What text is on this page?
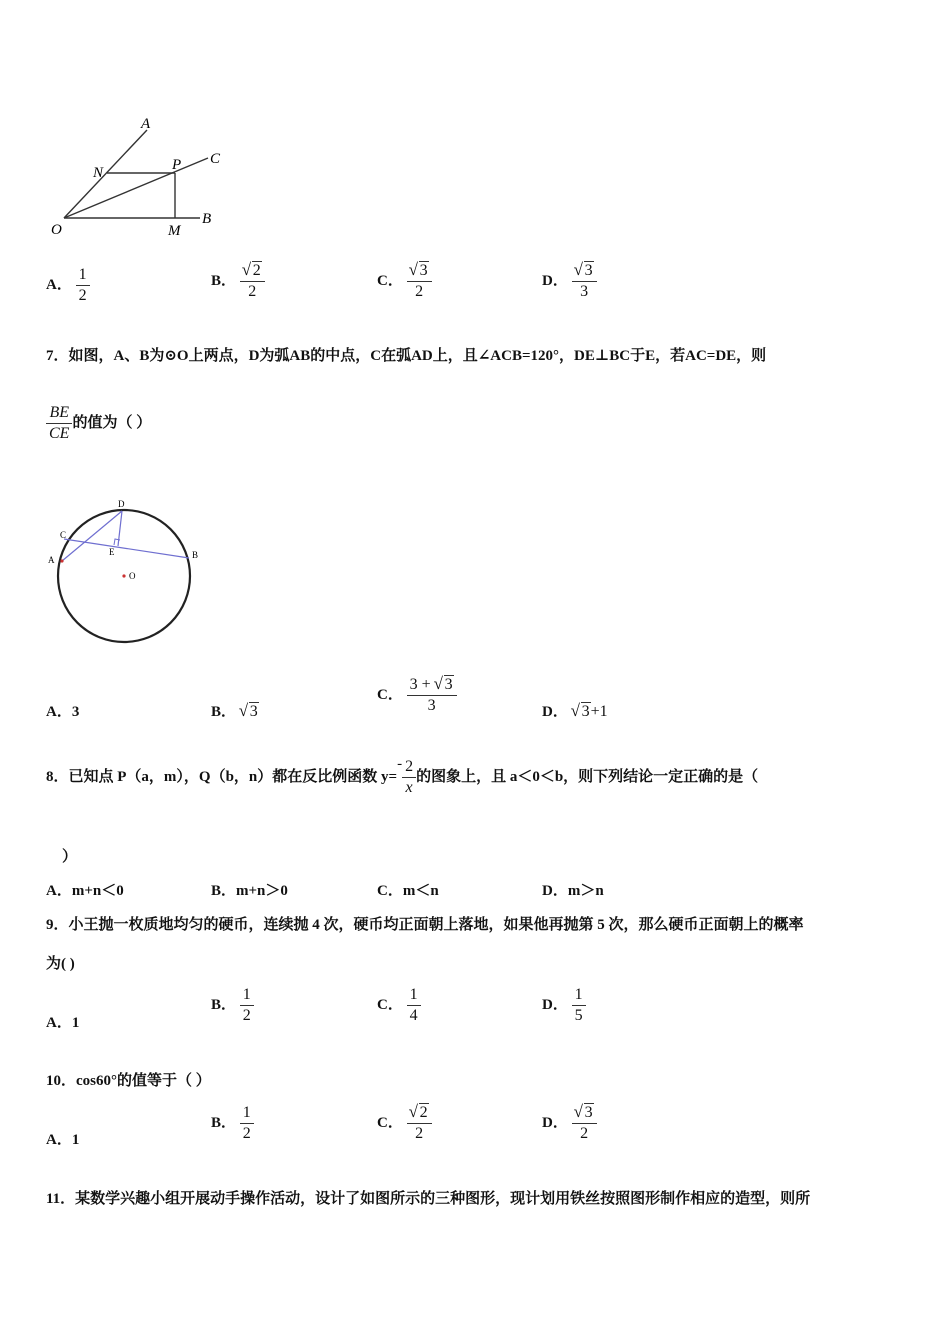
A
C
N	P
O	M
B
A． $\frac{1}{2}$	B． √ $\frac{2}{2}$	C． √ $\frac{3}{2}$	D． √ $\frac{3}{3}$
7．如图，A、B为⊙O上两点，D为弧AB的中点，C在弧AD上，且∠ACB=120°，DE⊥BC于E，若AC=DE，则
$\frac{BE}{CE}$ 的值为（ ）
D
C
A
E	B
O
A．3	B． √ 3
C． $\frac{3 + √ 3}{3}$	D． √ 3+1
8．已知点 P（a，m），Q（b，n）都在反比例函数 $y=- \frac{2}{x}$ 的图象上，且 a＜0＜b，则下列结论一定正确的是（
）
A．m+n＜0	B．m+n＞0	C．m＜n	D．m＞n
9．小王抛一枚质地均匀的硬币，连续抛 4 次，硬币均正面朝上落地，如果他再抛第 5 次，那么硬币正面朝上的概率
为( )
A．1
B． $\frac{1}{2}$	C． $\frac{1}{4}$	D． $\frac{1}{5}$
10．cos60°的值等于（ ）
A．1
B． $\frac{1}{2}$	C． √ $\frac{2}{2}$	D． √ $\frac{3}{2}$
11．某数学兴趣小组开展动手操作活动，设计了如图所示的三种图形，现计划用铁丝按照图形制作相应的造型，则所
